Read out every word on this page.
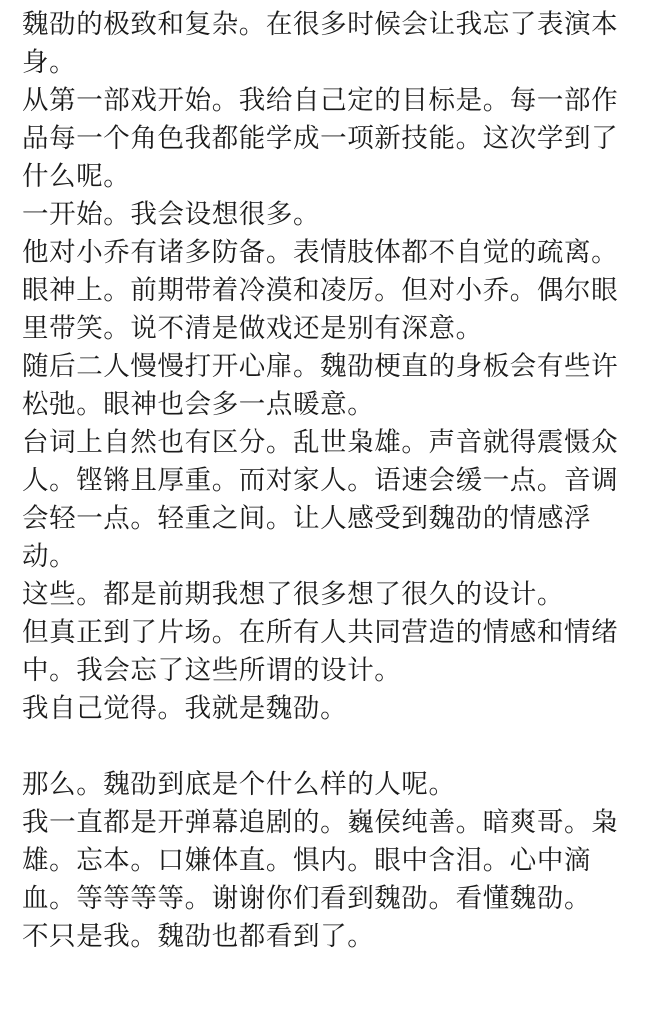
魏劭的极致和复杂。在很多时候会让我忘了表演本身。

从第一部戏开始。我给自己定的目标是。每一部作品每一个角色我都能学成一项新技能。这次学到了什么呢。

一开始。我会设想很多。

他对小乔有诸多防备。表情肢体都不自觉的疏离。

眼神上。前期带着冷漠和凌厉。但对小乔。偶尔眼里带笑。说不清是做戏还是别有深意。

随后二人慢慢打开心扉。魏劭梗直的身板会有些许松弛。眼神也会多一点暖意。

台词上自然也有区分。乱世枭雄。声音就得震慑众人。铿锵且厚重。而对家人。语速会缓一点。音调会轻一点。轻重之间。让人感受到魏劭的情感浮动。

这些。都是前期我想了很多想了很久的设计。

但真正到了片场。在所有人共同营造的情感和情绪中。我会忘了这些所谓的设计。

我自己觉得。我就是魏劭。

那么。魏劭到底是个什么样的人呢。

我一直都是开弹幕追剧的。巍侯纯善。暗爽哥。枭雄。忘本。口嫌体直。惧内。眼中含泪。心中滴血。等等等等。谢谢你们看到魏劭。看懂魏劭。

不只是我。魏劭也都看到了。
